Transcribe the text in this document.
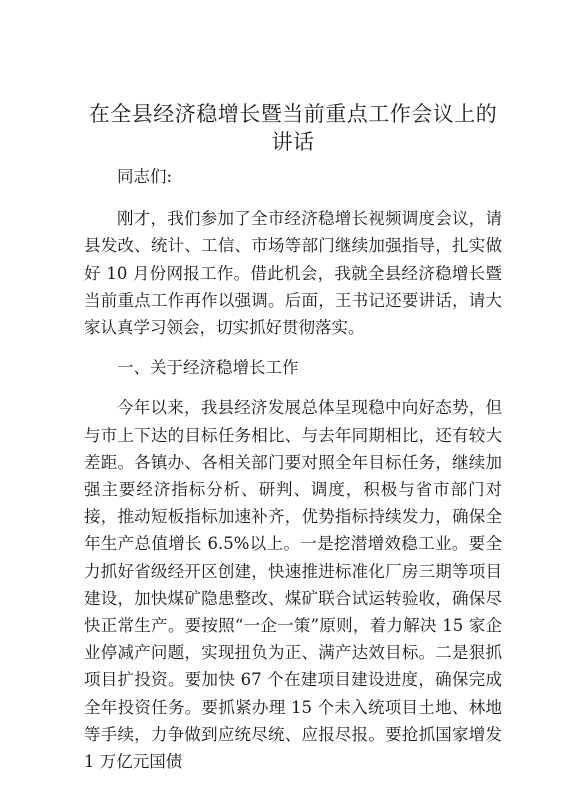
在全县经济稳增长暨当前重点工作会议上的讲话

同志们:

刚才，我们参加了全市经济稳增长视频调度会议，请县发改、统计、工信、市场等部门继续加强指导，扎实做好 10 月份网报工作。借此机会，我就全县经济稳增长暨当前重点工作再作以强调。后面，王书记还要讲话，请大家认真学习领会，切实抓好贯彻落实。

一、关于经济稳增长工作

今年以来，我县经济发展总体呈现稳中向好态势，但与市上下达的目标任务相比、与去年同期相比，还有较大差距。各镇办、各相关部门要对照全年目标任务，继续加强主要经济指标分析、研判、调度，积极与省市部门对接，推动短板指标加速补齐，优势指标持续发力，确保全年生产总值增长 6.5%以上。一是挖潜增效稳工业。要全力抓好省级经开区创建，快速推进标准化厂房三期等项目建设，加快煤矿隐患整改、煤矿联合试运转验收，确保尽快正常生产。要按照“一企一策”原则，着力解决 15 家企业停减产问题，实现扭负为正、满产达效目标。二是狠抓项目扩投资。要加快 67 个在建项目建设进度，确保完成全年投资任务。要抓紧办理 15 个未入统项目土地、林地等手续，力争做到应统尽统、应报尽报。要抢抓国家增发 1 万亿元国债
